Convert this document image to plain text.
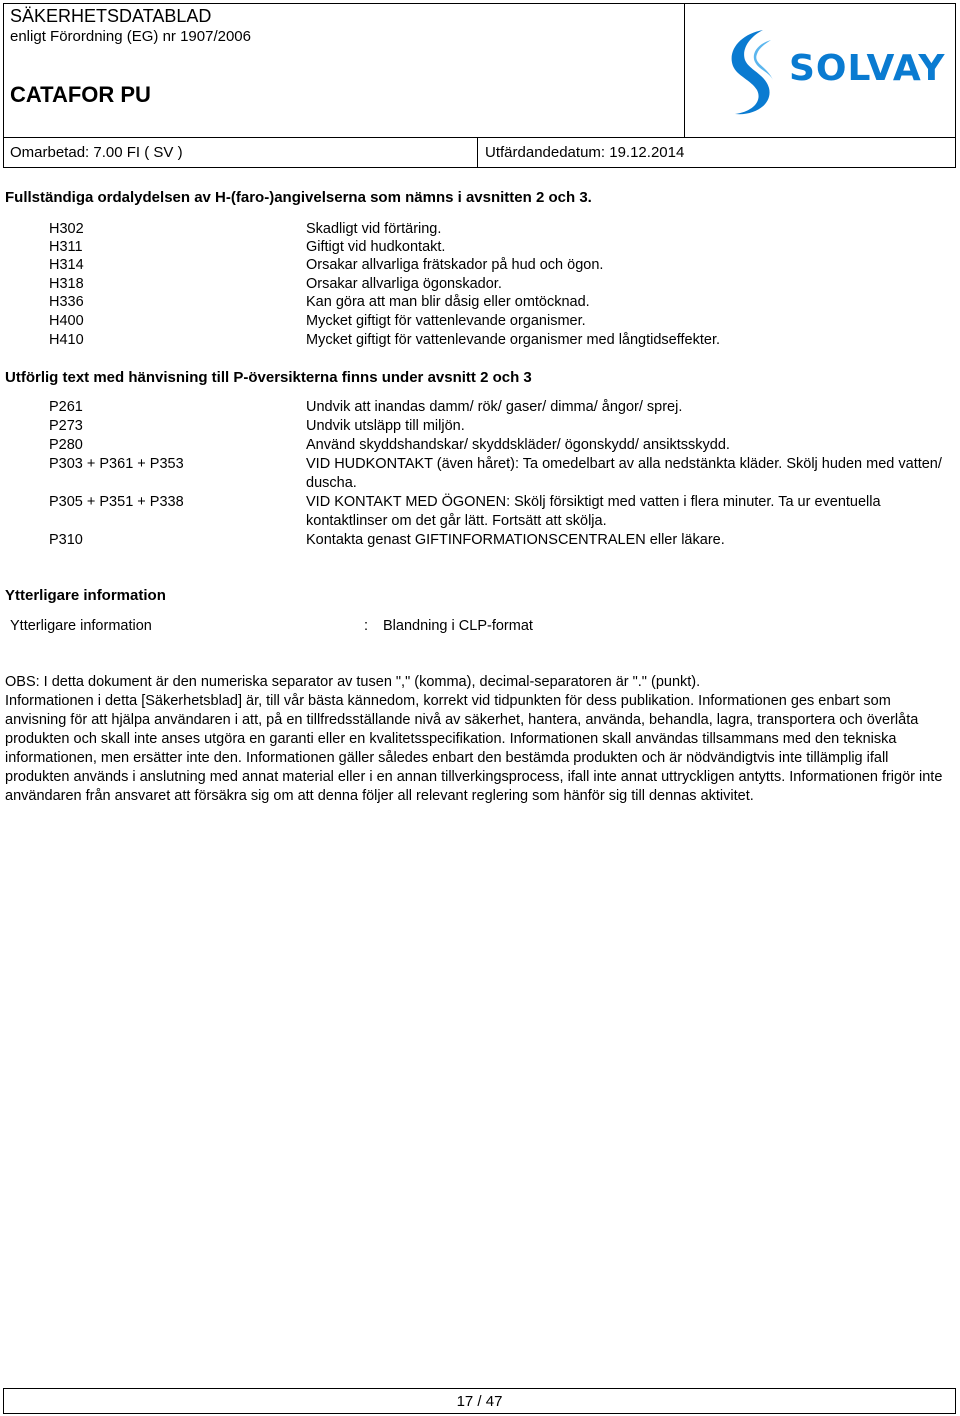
SÄKERHETSDATABLAD
enligt Förordning (EG) nr 1907/2006
CATAFOR PU
SOLVAY
Omarbetad: 7.00 FI ( SV )	Utfärdandedatum: 19.12.2014
Fullständiga ordalydelsen av H-(faro-)angivelserna som nämns i avsnitten 2 och 3.
H302	Skadligt vid förtäring.
H311	Giftigt vid hudkontakt.
H314	Orsakar allvarliga frätskador på hud och ögon.
H318	Orsakar allvarliga ögonskador.
H336	Kan göra att man blir dåsig eller omtöcknad.
H400	Mycket giftigt för vattenlevande organismer.
H410	Mycket giftigt för vattenlevande organismer med långtidseffekter.
Utförlig text med hänvisning till P-översikterna finns under avsnitt 2 och 3
P261	Undvik att inandas damm/ rök/ gaser/ dimma/ ångor/ sprej.
P273	Undvik utsläpp till miljön.
P280	Använd skyddshandskar/ skyddskläder/ ögonskydd/ ansiktsskydd.
P303 + P361 + P353	VID HUDKONTAKT (även håret): Ta omedelbart av alla nedstänkta kläder. Skölj huden med vatten/ duscha.
P305 + P351 + P338	VID KONTAKT MED ÖGONEN: Skölj försiktigt med vatten i flera minuter. Ta ur eventuella kontaktlinser om det går lätt. Fortsätt att skölja.
P310	Kontakta genast GIFTINFORMATIONSCENTRALEN eller läkare.
Ytterligare information
Ytterligare information	: Blandning i CLP-format
OBS: I detta dokument är den numeriska separator av tusen "," (komma), decimal-separatoren är "." (punkt).
Informationen i detta [Säkerhetsblad] är, till vår bästa kännedom, korrekt vid tidpunkten för dess publikation. Informationen ges enbart som anvisning för att hjälpa användaren i att, på en tillfredsställande nivå av säkerhet, hantera, använda, behandla, lagra, transportera och överlåta produkten och skall inte anses utgöra en garanti eller en kvalitetsspecifikation. Informationen skall användas tillsammans med den tekniska informationen, men ersätter inte den. Informationen gäller således enbart den bestämda produkten och är nödvändigtvis inte tillämplig ifall produkten används i anslutning med annat material eller i en annan tillverkingsprocess, ifall inte annat uttryckligen antytts. Informationen frigör inte användaren från ansvaret att försäkra sig om att denna följer all relevant reglering som hänför sig till dennas aktivitet.
17 / 47
